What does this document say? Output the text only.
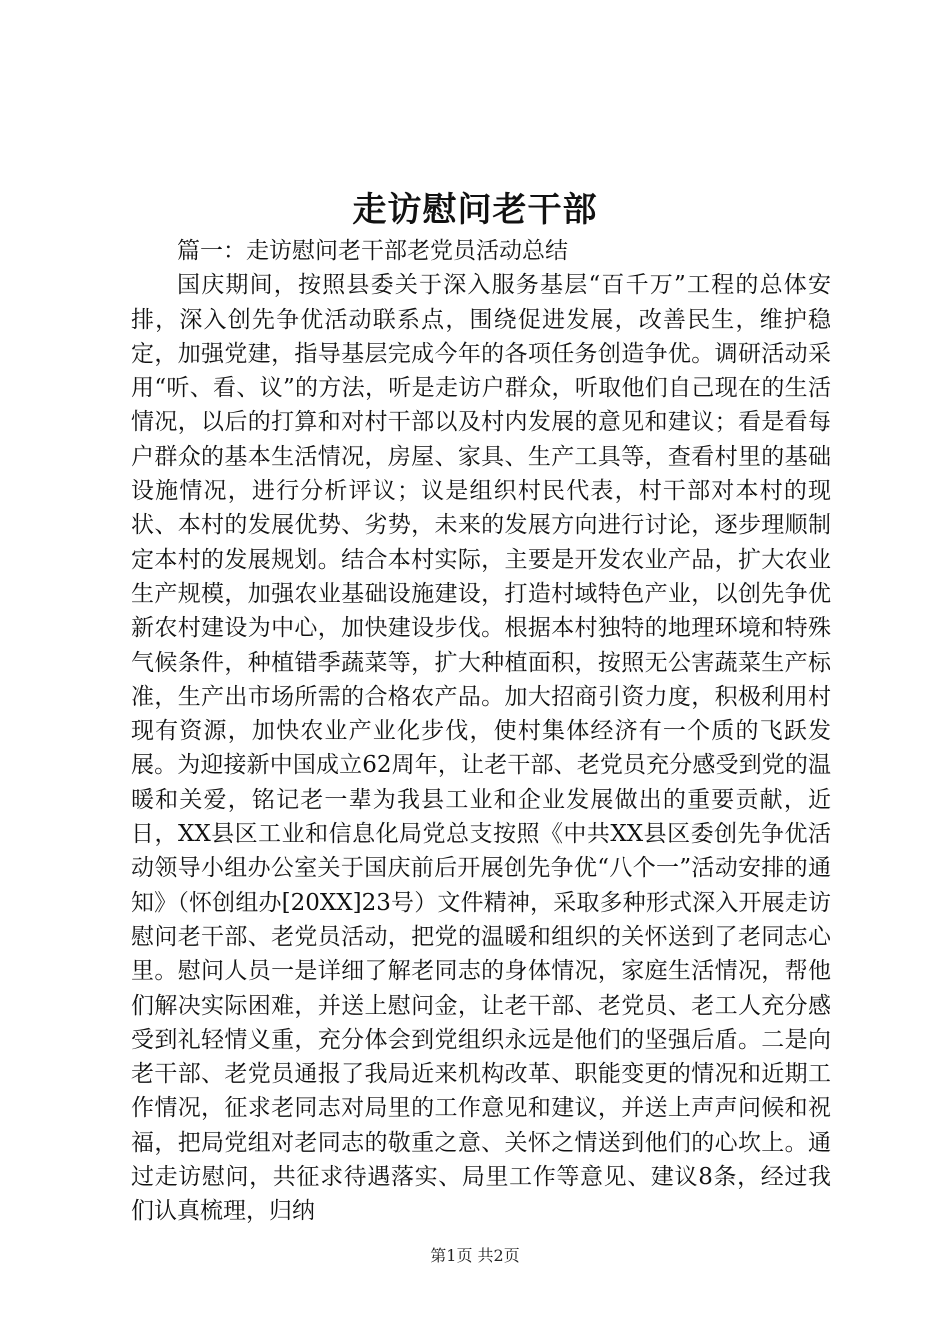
走访慰问老干部

篇一：走访慰问老干部老党员活动总结

国庆期间，按照县委关于深入服务基层“百千万”工程的总体安排，深入创先争优活动联系点，围绕促进发展，改善民生，维护稳定，加强党建，指导基层完成今年的各项任务创造争优。调研活动采用“听、看、议”的方法，听是走访户群众，听取他们自己现在的生活情况，以后的打算和对村干部以及村内发展的意见和建议；看是看每户群众的基本生活情况，房屋、家具、生产工具等，查看村里的基础设施情况，进行分析评议；议是组织村民代表，村干部对本村的现状、本村的发展优势、劣势，未来的发展方向进行讨论，逐步理顺制定本村的发展规划。结合本村实际，主要是开发农业产品，扩大农业生产规模，加强农业基础设施建设，打造村域特色产业，以创先争优新农村建设为中心，加快建设步伐。根据本村独特的地理环境和特殊气候条件，种植错季蔬菜等，扩大种植面积，按照无公害蔬菜生产标准，生产出市场所需的合格农产品。加大招商引资力度，积极利用村现有资源，加快农业产业化步伐，使村集体经济有一个质的飞跃发展。为迎接新中国成立62周年，让老干部、老党员充分感受到党的温暖和关爱，铭记老一辈为我县工业和企业发展做出的重要贡献，近日，XX县区工业和信息化局党总支按照《中共XX县区委创先争优活动领导小组办公室关于国庆前后开展创先争优“八个一”活动安排的通知》（怀创组办[20XX]23号）文件精神，采取多种形式深入开展走访慰问老干部、老党员活动，把党的温暖和组织的关怀送到了老同志心里。慰问人员一是详细了解老同志的身体情况，家庭生活情况，帮他们解决实际困难，并送上慰问金，让老干部、老党员、老工人充分感受到礼轻情义重，充分体会到党组织永远是他们的坚强后盾。二是向老干部、老党员通报了我局近来机构改革、职能变更的情况和近期工作情况，征求老同志对局里的工作意见和建议，并送上声声问候和祝福，把局党组对老同志的敬重之意、关怀之情送到他们的心坎上。通过走访慰问，共征求待遇落实、局里工作等意见、建议8条，经过我们认真梳理，归纳

第1页 共2页
